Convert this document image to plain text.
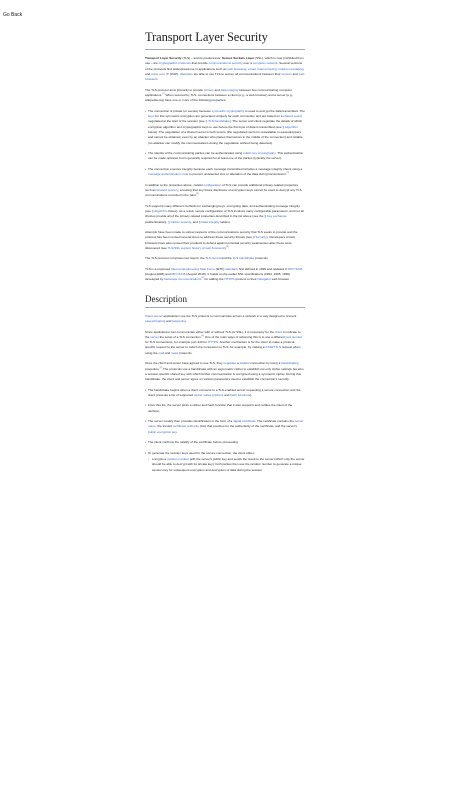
Go Back
Transport Layer Security

Transport Layer Security (TLS) – and its predecessor, Secure Sockets Layer (SSL), which is now prohibited from use – are cryptographic protocols that provide communications security over a computer network. Several versions of the protocols find widespread use in applications such as web browsing, email, Internet faxing, instant messaging, and voice over IP (VoIP). Websites are able to use TLS to secure all communications between their servers and web browsers.

The TLS protocol aims primarily to provide privacy and data integrity between two communicating computer applications.[1] When secured by TLS, connections between a client (e.g., a web browser) and a server (e.g., wikipedia.org) have one or more of the following properties:

• The connection is private (or secure) because symmetric cryptography is used to encrypt the data transmitted. The keys for this symmetric encryption are generated uniquely for each connection and are based on a shared secret negotiated at the start of the session (see § TLS handshake). The server and client negotiate the details of which encryption algorithm and cryptographic keys to use before the first byte of data is transmitted (see § Algorithm below). The negotiation of a shared secret is both secure (the negotiated secret is unavailable to eavesdroppers and cannot be obtained, even by an attacker who places themselves in the middle of the connection) and reliable (no attacker can modify the communications during the negotiation without being detected).
• The identity of the communicating parties can be authenticated using public-key cryptography. This authentication can be made optional, but is generally required for at least one of the parties (typically the server).
• The connection ensures integrity because each message transmitted includes a message integrity check using a message authentication code to prevent undetected loss or alteration of the data during transmission.[2]

In addition to the properties above, careful configuration of TLS can provide additional privacy-related properties such as forward secrecy, ensuring that any future disclosure of encryption keys cannot be used to decrypt any TLS communications recorded in the past.[3]

TLS supports many different methods for exchanging keys, encrypting data, and authenticating message integrity (see § Algorithm below). As a result, secure configuration of TLS involves many configurable parameters, and not all choices provide all of the privacy-related properties described in the list above (see the § Key exchange (authentication), § Cipher security, and § Data integrity tables).

Attempts have been made to subvert aspects of the communications security that TLS seeks to provide and the protocol has been revised several times to address these security threats (see § Security). Developers of web browsers have also revised their products to defend against potential security weaknesses after these were discovered (see TLS/SSL support history of web browsers).[4]

The TLS protocol comprises two layers: the TLS record and the TLS handshake protocols.

TLS is a proposed Internet Engineering Task Force (IETF) standard, first defined in 1999 and updated in RFC 5246 (August 2008) and RFC 8446 (August 2018). It builds on the earlier SSL specifications (1994, 1995, 1996) developed by Netscape Communications[5] for adding the HTTPS protocol to their Navigator web browser.

Description

Client-server applications use the TLS protocol to communicate across a network in a way designed to prevent eavesdropping and tampering.

Since applications can communicate either with or without TLS (or SSL), it is necessary for the client to indicate to the server the setup of a TLS connection.[6] One of the main ways of achieving this is to use a different port number for TLS connections, for example port 443 for HTTPS. Another mechanism is for the client to make a protocol-specific request to the server to switch the connection to TLS; for example, by making a STARTTLS request when using the mail and news protocols.

Once the client and server have agreed to use TLS, they negotiate a stateful connection by using a handshaking procedure.[7] The protocols use a handshake with an asymmetric cipher to establish not only cipher settings but also a session-specific shared key with which further communication is encrypted using a symmetric cipher. During this handshake, the client and server agree on various parameters used to establish the connection's security:

• The handshake begins when a client connects to a TLS-enabled server requesting a secure connection and the client presents a list of supported cipher suites (ciphers and hash functions).
• From this list, the server picks a cipher and hash function that it also supports and notifies the client of the decision.
• The server usually then provides identification in the form of a digital certificate. The certificate contains the server name, the trusted certificate authority (CA) that vouches for the authenticity of the certificate, and the server's public encryption key.
• The client confirms the validity of the certificate before proceeding.
• To generate the session keys used for the secure connection, the client either:
◦ encrypts a random number with the server's public key and sends the result to the server (which only the server should be able to decrypt with its private key); both parties then use the random number to generate a unique session key for subsequent encryption and decryption of data during the session
